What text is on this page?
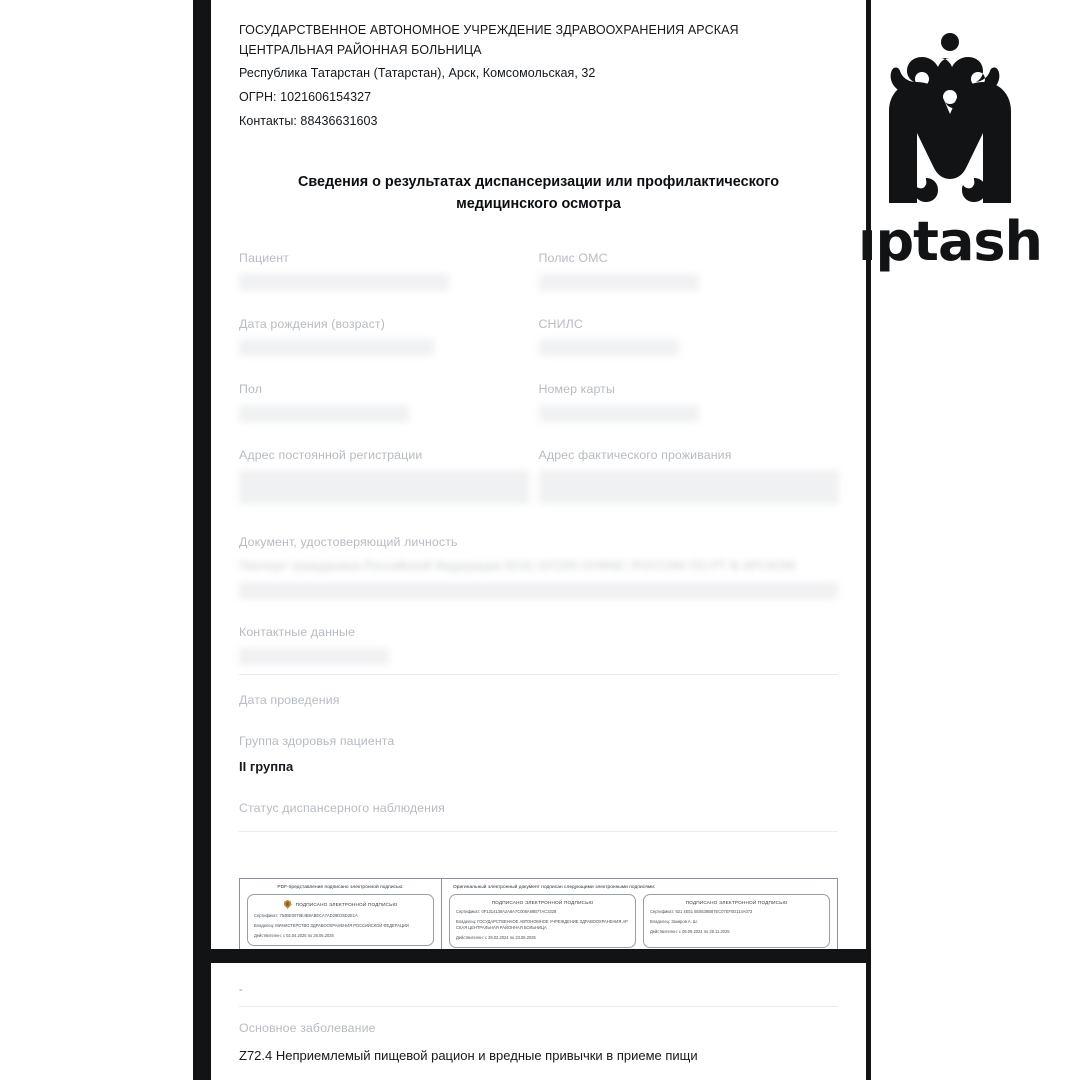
ГОСУДАРСТВЕННОЕ АВТОНОМНОЕ УЧРЕЖДЕНИЕ ЗДРАВООХРАНЕНИЯ АРСКАЯ ЦЕНТРАЛЬНАЯ РАЙОННАЯ БОЛЬНИЦА
Республика Татарстан (Татарстан), Арск, Комсомольская, 32
ОГРН: 1021606154327
Контакты: 88436631603
Сведения о результатах диспансеризации или профилактического медицинского осмотра
Пациент	Полис ОМС
Дата рождения (возраст)	СНИЛС
Пол	Номер карты
Адрес постоянной регистрации	Адрес фактического проживания
Документ, удостоверяющий личность
Паспорт гражданина Российской Федерации 9216 107205 ОУФМС РОССИИ ПО РТ В АРСКОМ
Контактные данные
Дата проведения
Группа здоровья пациента
II группа
Статус диспансерного наблюдения
PDF-представление подписано электронной подписью:
ПОДПИСАНО ЭЛЕКТРОННОЙ ПОДПИСЬЮ
Сертификат: 754BE0079E4B9ABECA7AD29D25D2E1A
Владелец: МИНИСТЕРСТВО ЗДРАВООХРАНЕНИЯ РОССИЙСКОЙ ФЕДЕРАЦИИ
Действителен: с 02.04.2025 по 26.06.2026
Оригинальный электронный документ подписан следующими электронными подписями:
ПОДПИСАНО ЭЛЕКТРОННОЙ ПОДПИСЬЮ
Сертификат: 0F1314136A2A8A7C008A69B77AC3328
Владелец: ГОСУДАРСТВЕННОЕ АВТОНОМНОЕ УЧРЕЖДЕНИЕ ЗДРАВООХРАНЕНИЯ АРСКАЯ ЦЕНТРАЛЬНАЯ РАЙОННАЯ БОЛЬНИЦА
Действителен: с 28.02.2024 по 23.05.2025
ПОДПИСАНО ЭЛЕКТРОННОЙ ПОДПИСЬЮ
Сертификат: 821 4E51 5E8538B87EC07EF0D114A073
Владелец: Закиров А. Ш.
Действителен: с 05.09.2024 по 29.11.2025
-
Основное заболевание
Z72.4 Неприемлемый пищевой рацион и вредные привычки в приеме пищи
ıptash
